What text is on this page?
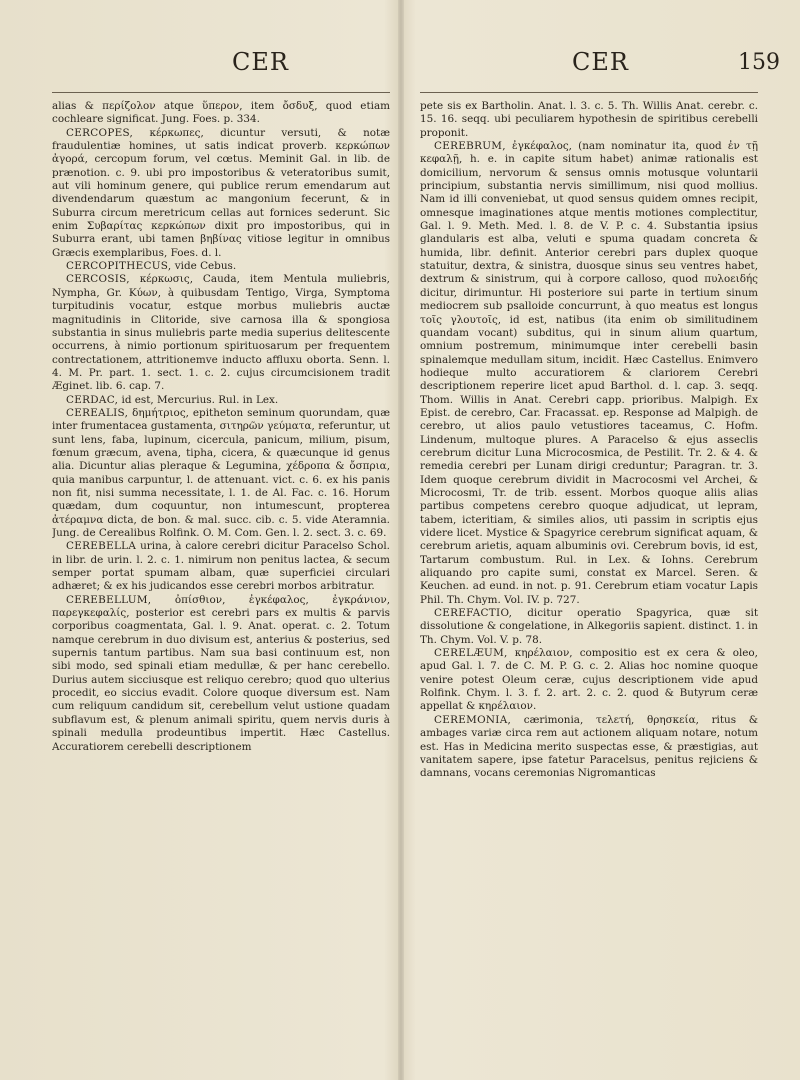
CER	CER	159

alias & περίζολον atque ὕπερον, item ὄσδυξ, quod etiam cochleare significat. Jung. Foes. p. 334.

CERCOPES, κέρκωπες, dicuntur versuti, & notæ fraudulentiæ homines, ut satis indicat proverb. κερκώπων ἀγορά, cercopum forum, vel cœtus. Meminit Gal. in lib. de prænotion. c. 9. ubi pro impostoribus & veteratoribus sumit, aut vili hominum genere, qui publice rerum emendarum aut divendendarum quæstum ac mangonium fecerunt, & in Suburra circum meretricum cellas aut fornices sederunt. Sic enim Συβαρίτας κερκώπων dixit pro impostoribus, qui in Suburra erant, ubi tamen βηβίνας vitiose legitur in omnibus Græcis exemplaribus, Foes. d. l.

CERCOPITHECUS, vide Cebus.

CERCOSIS, κέρκωσις, Cauda, item Mentula muliebris, Nympha, Gr. Κύων, à quibusdam Tentigo, Virga, Symptoma turpitudinis vocatur, estque morbus muliebris auctæ magnitudinis in Clitoride, sive carnosa illa & spongiosa substantia in sinus muliebris parte media superius delitescente occurrens, à nimio portionum spirituosarum per frequentem contrectationem, attritionemve inducto affluxu oborta. Senn. l. 4. M. Pr. part. 1. sect. 1. c. 2. cujus circumcisionem tradit Æginet. lib. 6. cap. 7.

CERDAC, id est, Mercurius. Rul. in Lex.

CEREALIS, δημήτριος, epitheton seminum quorundam, quæ inter frumentacea gustamenta, σιτηρῶν γεύματα, referuntur, ut sunt lens, faba, lupinum, cicercula, panicum, milium, pisum, fœnum græcum, avena, tipha, cicera, & quæcunque id genus alia. Dicuntur alias pleraque & Legumina, χέδροπα & ὄσπρια, quia manibus carpuntur, l. de attenuant. vict. c. 6. ex his panis non fit, nisi summa necessitate, l. 1. de Al. Fac. c. 16. Horum quædam, dum coquuntur, non intumescunt, propterea ἀτέραμνα dicta, de bon. & mal. succ. cib. c. 5. vide Ateramnia. Jung. de Cerealibus Rolfink. O. M. Com. Gen. l. 2. sect. 3. c. 69.

CEREBELLA urina, à calore cerebri dicitur Paracelso Schol. in libr. de urin. l. 2. c. 1. nimirum non penitus lactea, & secum semper portat spumam albam, quæ superficiei circulari adhæret; & ex his judicandos esse cerebri morbos arbitratur.

CEREBELLUM, ὀπίσθιον, ἐγκέφαλος, ἐγκράνιον, παρεγκεφαλίς, posterior est cerebri pars ex multis & parvis corporibus coagmentata, Gal. l. 9. Anat. operat. c. 2. Totum namque cerebrum in duo divisum est, anterius & posterius, sed supernis tantum partibus. Nam sua basi continuum est, non sibi modo, sed spinali etiam medullæ, & per hanc cerebello. Durius autem sicciusque est reliquo cerebro; quod quo ulterius procedit, eo siccius evadit. Colore quoque diversum est. Nam cum reliquum candidum sit, cerebellum velut ustione quadam subflavum est, & plenum animali spiritu, quem nervis duris à spinali medulla prodeuntibus impertit. Hæc Castellus. Accuratiorem cerebelli descriptionem

pete sis ex Bartholin. Anat. l. 3. c. 5. Th. Willis Anat. cerebr. c. 15. 16. seqq. ubi peculiarem hypothesin de spiritibus cerebelli proponit.

CEREBRUM, ἐγκέφαλος, (nam nominatur ita, quod ἐν τῇ κεφαλῇ, h. e. in capite situm habet) animæ rationalis est domicilium, nervorum & sensus omnis motusque voluntarii principium, substantia nervis simillimum, nisi quod mollius. Nam id illi conveniebat, ut quod sensus quidem omnes recipit, omnesque imaginationes atque mentis motiones complectitur, Gal. l. 9. Meth. Med. l. 8. de V. P. c. 4. Substantia ipsius glandularis est alba, veluti e spuma quadam concreta & humida, libr. definit. Anterior cerebri pars duplex quoque statuitur, dextra, & sinistra, duosque sinus seu ventres habet, dextrum & sinistrum, qui à corpore calloso, quod πυλοειδής dicitur, dirimuntur. Hi posteriore sui parte in tertium sinum mediocrem sub psalloide concurrunt, à quo meatus est longus τοῖς γλουτοῖς, id est, natibus (ita enim ob similitudinem quandam vocant) subditus, qui in sinum alium quartum, omnium postremum, minimumque inter cerebelli basin spinalemque medullam situm, incidit. Hæc Castellus. Enimvero hodieque multo accuratiorem & clariorem Cerebri descriptionem reperire licet apud Barthol. d. l. cap. 3. seqq. Thom. Willis in Anat. Cerebri capp. prioribus. Malpigh. Ex Epist. de cerebro, Car. Fracassat. ep. Response ad Malpigh. de cerebro, ut alios paulo vetustiores taceamus, C. Hofm. Lindenum, multoque plures. A Paracelso & ejus asseclis cerebrum dicitur Luna Microcosmica, de Pestilit. Tr. 2. & 4. & remedia cerebri per Lunam dirigi creduntur; Paragran. tr. 3. Idem quoque cerebrum dividit in Macrocosmi vel Archei, & Microcosmi, Tr. de trib. essent. Morbos quoque aliis alias partibus competens cerebro quoque adjudicat, ut lepram, tabem, icteritiam, & similes alios, uti passim in scriptis ejus videre licet. Mystice & Spagyrice cerebrum significat aquam, & cerebrum arietis, aquam albuminis ovi. Cerebrum bovis, id est, Tartarum combustum. Rul. in Lex. & Iohns. Cerebrum aliquando pro capite sumi, constat ex Marcel. Seren. & Keuchen. ad eund. in not. p. 91. Cerebrum etiam vocatur Lapis Phil. Th. Chym. Vol. IV. p. 727.

CEREFACTIO, dicitur operatio Spagyrica, quæ sit dissolutione & congelatione, in Alkegoriis sapient. distinct. 1. in Th. Chym. Vol. V. p. 78.

CERELÆUM, κηρέλαιον, compositio est ex cera & oleo, apud Gal. l. 7. de C. M. P. G. c. 2. Alias hoc nomine quoque venire potest Oleum ceræ, cujus descriptionem vide apud Rolfink. Chym. l. 3. f. 2. art. 2. c. 2. quod & Butyrum ceræ appellat & κηρέλαιον.

CEREMONIA, cærimonia, τελετή, θρησκεία, ritus & ambages variæ circa rem aut actionem aliquam notare, notum est. Has in Medicina merito suspectas esse, & præstigias, aut vanitatem sapere, ipse fatetur Paracelsus, penitus rejiciens & damnans, vocans ceremonias Nigromanticas
